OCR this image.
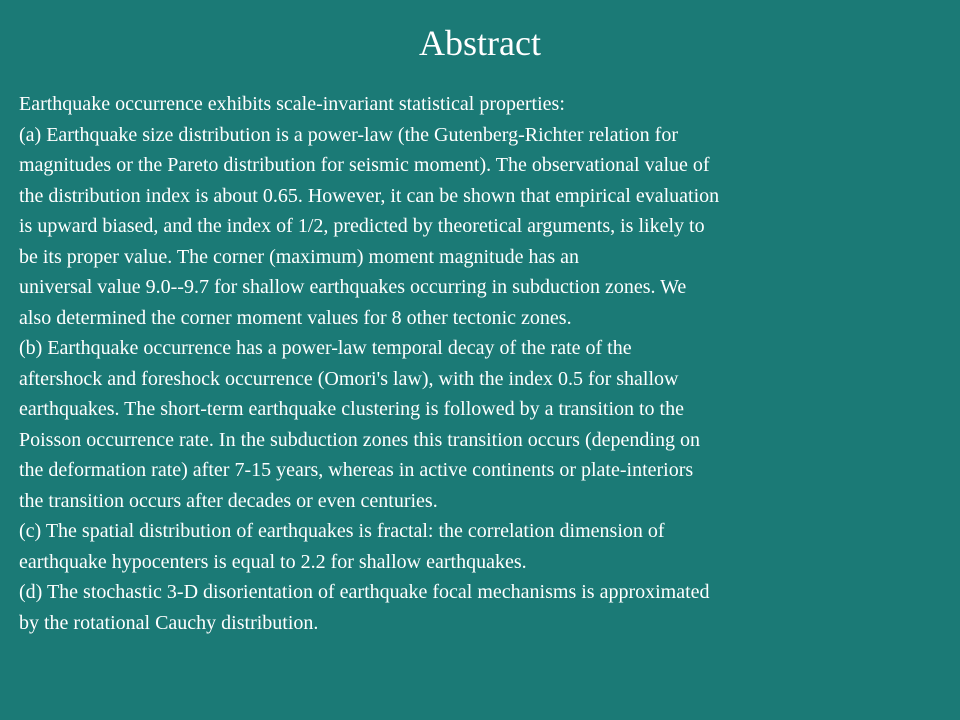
Abstract
Earthquake occurrence exhibits scale-invariant statistical properties:
(a) Earthquake size distribution is a power-law (the Gutenberg-Richter relation for
magnitudes or the Pareto distribution for seismic moment). The observational value of
the distribution index is about 0.65. However, it can be shown that empirical evaluation
is upward biased, and the index of 1/2, predicted by theoretical arguments, is likely to
be its proper value. The corner (maximum) moment magnitude has an
universal value 9.0--9.7 for shallow earthquakes occurring in subduction zones. We
also determined the corner moment values for 8 other tectonic zones.
(b) Earthquake occurrence has a power-law temporal decay of the rate of the
aftershock and foreshock occurrence (Omori's law), with the index 0.5 for shallow
earthquakes. The short-term earthquake clustering is followed by a transition to the
Poisson occurrence rate. In the subduction zones this transition occurs (depending on
the deformation rate) after 7-15 years, whereas in active continents or plate-interiors
the transition occurs after decades or even centuries.
(c) The spatial distribution of earthquakes is fractal: the correlation dimension of
earthquake hypocenters is equal to 2.2 for shallow earthquakes.
(d) The stochastic 3-D disorientation of earthquake focal mechanisms is approximated
by the rotational Cauchy distribution.
